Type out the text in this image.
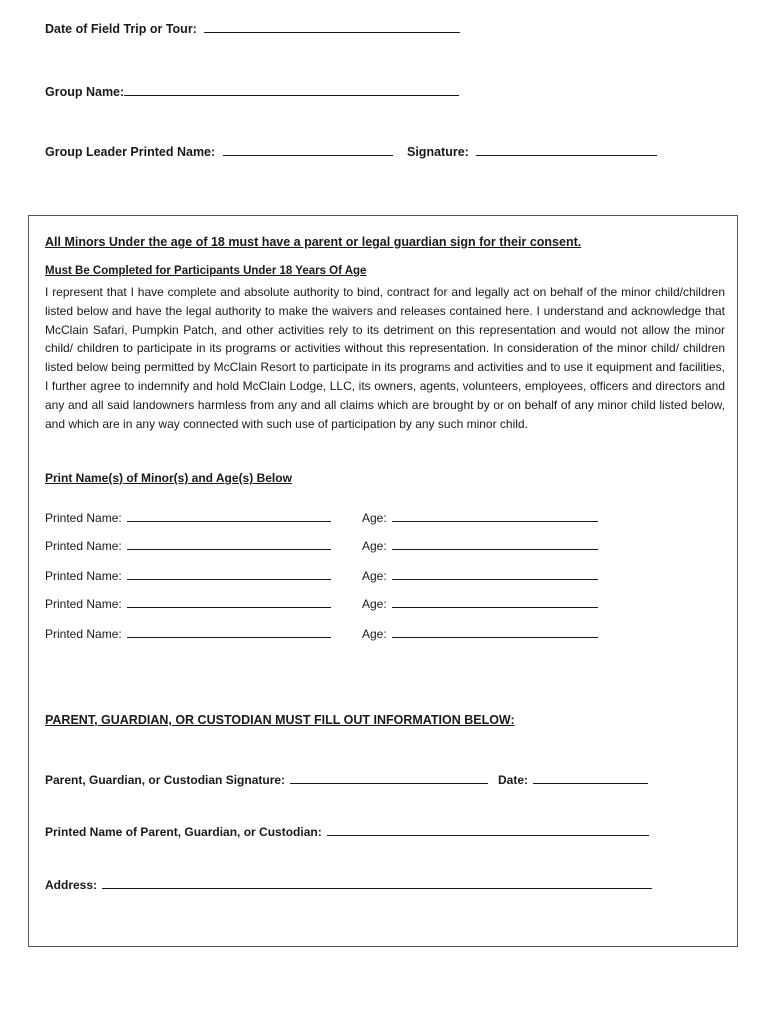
Date of Field Trip or Tour:
Group Name:
Group Leader Printed Name:	Signature:
All Minors Under the age of 18 must have a parent or legal guardian sign for their consent.
Must Be Completed for Participants Under 18 Years Of Age
I represent that I have complete and absolute authority to bind, contract for and legally act on behalf of the minor child/children listed below and have the legal authority to make the waivers and releases contained here. I understand and acknowledge that McClain Safari, Pumpkin Patch, and other activities rely to its detriment on this representation and would not allow the minor child/ children to participate in its programs or activities without this representation. In consideration of the minor child/ children listed below being permitted by McClain Resort to participate in its programs and activities and to use it equipment and facilities, I further agree to indemnify and hold McClain Lodge, LLC, its owners, agents, volunteers, employees, officers and directors and any and all said landowners harmless from any and all claims which are brought by or on behalf of any minor child listed below, and which are in any way connected with such use of participation by any such minor child.
Print Name(s) of Minor(s) and Age(s) Below
Printed Name:	Age:
Printed Name:	Age:
Printed Name:	Age:
Printed Name:	Age:
Printed Name:	Age:
PARENT, GUARDIAN, OR CUSTODIAN MUST FILL OUT INFORMATION BELOW:
Parent, Guardian, or Custodian Signature:	Date:
Printed Name of Parent, Guardian, or Custodian:
Address:
